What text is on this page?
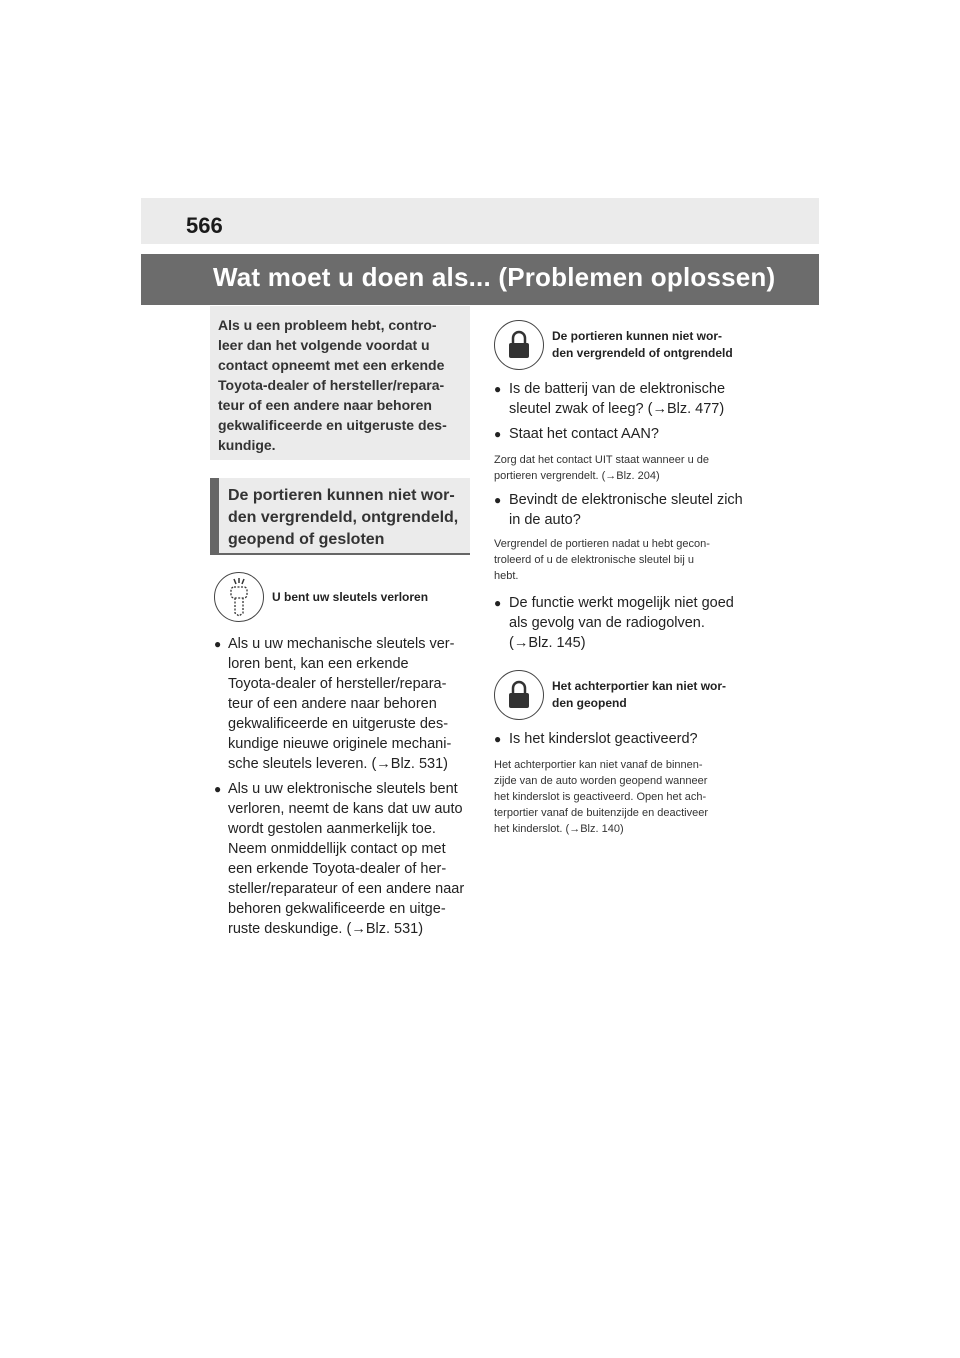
566
Wat moet u doen als... (Problemen oplossen)
Als u een probleem hebt, contro-
leer dan het volgende voordat u
contact opneemt met een erkende
Toyota-dealer of hersteller/repara-
teur of een andere naar behoren
gekwalificeerde en uitgeruste des-
kundige.
De portieren kunnen niet wor-
den vergrendeld, ontgrendeld,
geopend of gesloten
U bent uw sleutels verloren
● Als u uw mechanische sleutels ver-
loren bent, kan een erkende
Toyota-dealer of hersteller/repara-
teur of een andere naar behoren
gekwalificeerde en uitgeruste des-
kundige nieuwe originele mechani-
sche sleutels leveren. (→Blz. 531)
● Als u uw elektronische sleutels bent
verloren, neemt de kans dat uw auto
wordt gestolen aanmerkelijk toe.
Neem onmiddellijk contact op met
een erkende Toyota-dealer of her-
steller/reparateur of een andere naar
behoren gekwalificeerde en uitge-
ruste deskundige. (→Blz. 531)
De portieren kunnen niet wor-
den vergrendeld of ontgrendeld
● Is de batterij van de elektronische
sleutel zwak of leeg? (→Blz. 477)
● Staat het contact AAN?
Zorg dat het contact UIT staat wanneer u de
portieren vergrendelt. (→Blz. 204)
● Bevindt de elektronische sleutel zich
in de auto?
Vergrendel de portieren nadat u hebt gecon-
troleerd of u de elektronische sleutel bij u
hebt.
● De functie werkt mogelijk niet goed
als gevolg van de radiogolven.
(→Blz. 145)
Het achterportier kan niet wor-
den geopend
● Is het kinderslot geactiveerd?
Het achterportier kan niet vanaf de binnen-
zijde van de auto worden geopend wanneer
het kinderslot is geactiveerd. Open het ach-
terportier vanaf de buitenzijde en deactiveer
het kinderslot. (→Blz. 140)
